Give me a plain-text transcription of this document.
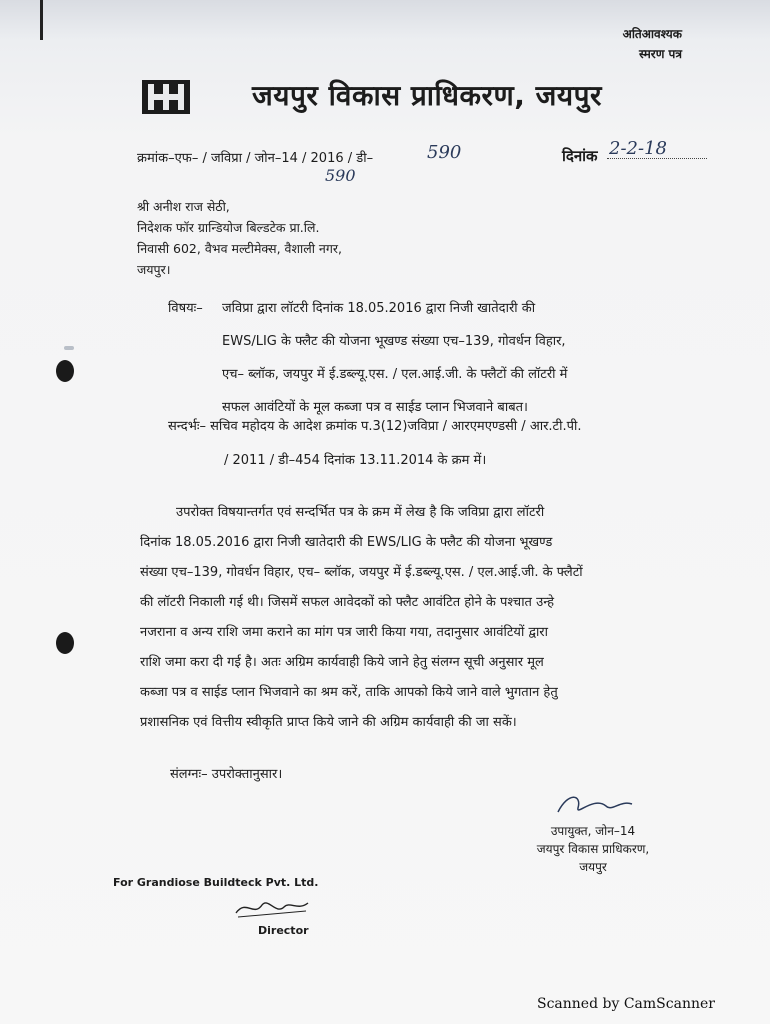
अतिआवश्यक
स्मरण पत्र
जयपुर विकास प्राधिकरण, जयपुर
क्रमांक–एफ– / जविप्रा / जोन–14 / 2016 / डी–	590
590
दिनांक 2-2-18
श्री अनीश राज सेठी,
निदेशक फॉर ग्रान्डियोज बिल्डटेक प्रा.लि.
निवासी 602, वैभव मल्टीमेक्स, वैशाली नगर,
जयपुर।
विषयः– जविप्रा द्वारा लॉटरी दिनांक 18.05.2016 द्वारा निजी खातेदारी की
EWS/LIG के फ्लैट की योजना भूखण्ड संख्या एच–139, गोवर्धन विहार,
एच– ब्लॉक, जयपुर में ई.डब्ल्यू.एस. / एल.आई.जी. के फ्लैटों की लॉटरी में
सफल आवंटियों के मूल कब्जा पत्र व साईड प्लान भिजवाने बाबत।
सन्दर्भः– सचिव महोदय के आदेश क्रमांक प.3(12)जविप्रा / आरएमएण्डसी / आर.टी.पी.
/ 2011 / डी–454 दिनांक 13.11.2014 के क्रम में।
उपरोक्त विषयान्तर्गत एवं सन्दर्भित पत्र के क्रम में लेख है कि जविप्रा द्वारा लॉटरी
दिनांक 18.05.2016 द्वारा निजी खातेदारी की EWS/LIG के फ्लैट की योजना भूखण्ड
संख्या एच–139, गोवर्धन विहार, एच– ब्लॉक, जयपुर में ई.डब्ल्यू.एस. / एल.आई.जी. के फ्लैटों
की लॉटरी निकाली गई थी। जिसमें सफल आवेदकों को फ्लैट आवंटित होने के पश्चात उन्हे
नजराना व अन्य राशि जमा कराने का मांग पत्र जारी किया गया, तदानुसार आवंटियों द्वारा
राशि जमा करा दी गई है। अतः अग्रिम कार्यवाही किये जाने हेतु संलग्न सूची अनुसार मूल
कब्जा पत्र व साईड प्लान भिजवाने का श्रम करें, ताकि आपको किये जाने वाले भुगतान हेतु
प्रशासनिक एवं वित्तीय स्वीकृति प्राप्त किये जाने की अग्रिम कार्यवाही की जा सकें।
संलग्नः– उपरोक्तानुसार।
उपायुक्त, जोन–14
जयपुर विकास प्राधिकरण,
जयपुर
For Grandiose Buildteck Pvt. Ltd.
Director
Scanned by CamScanner
